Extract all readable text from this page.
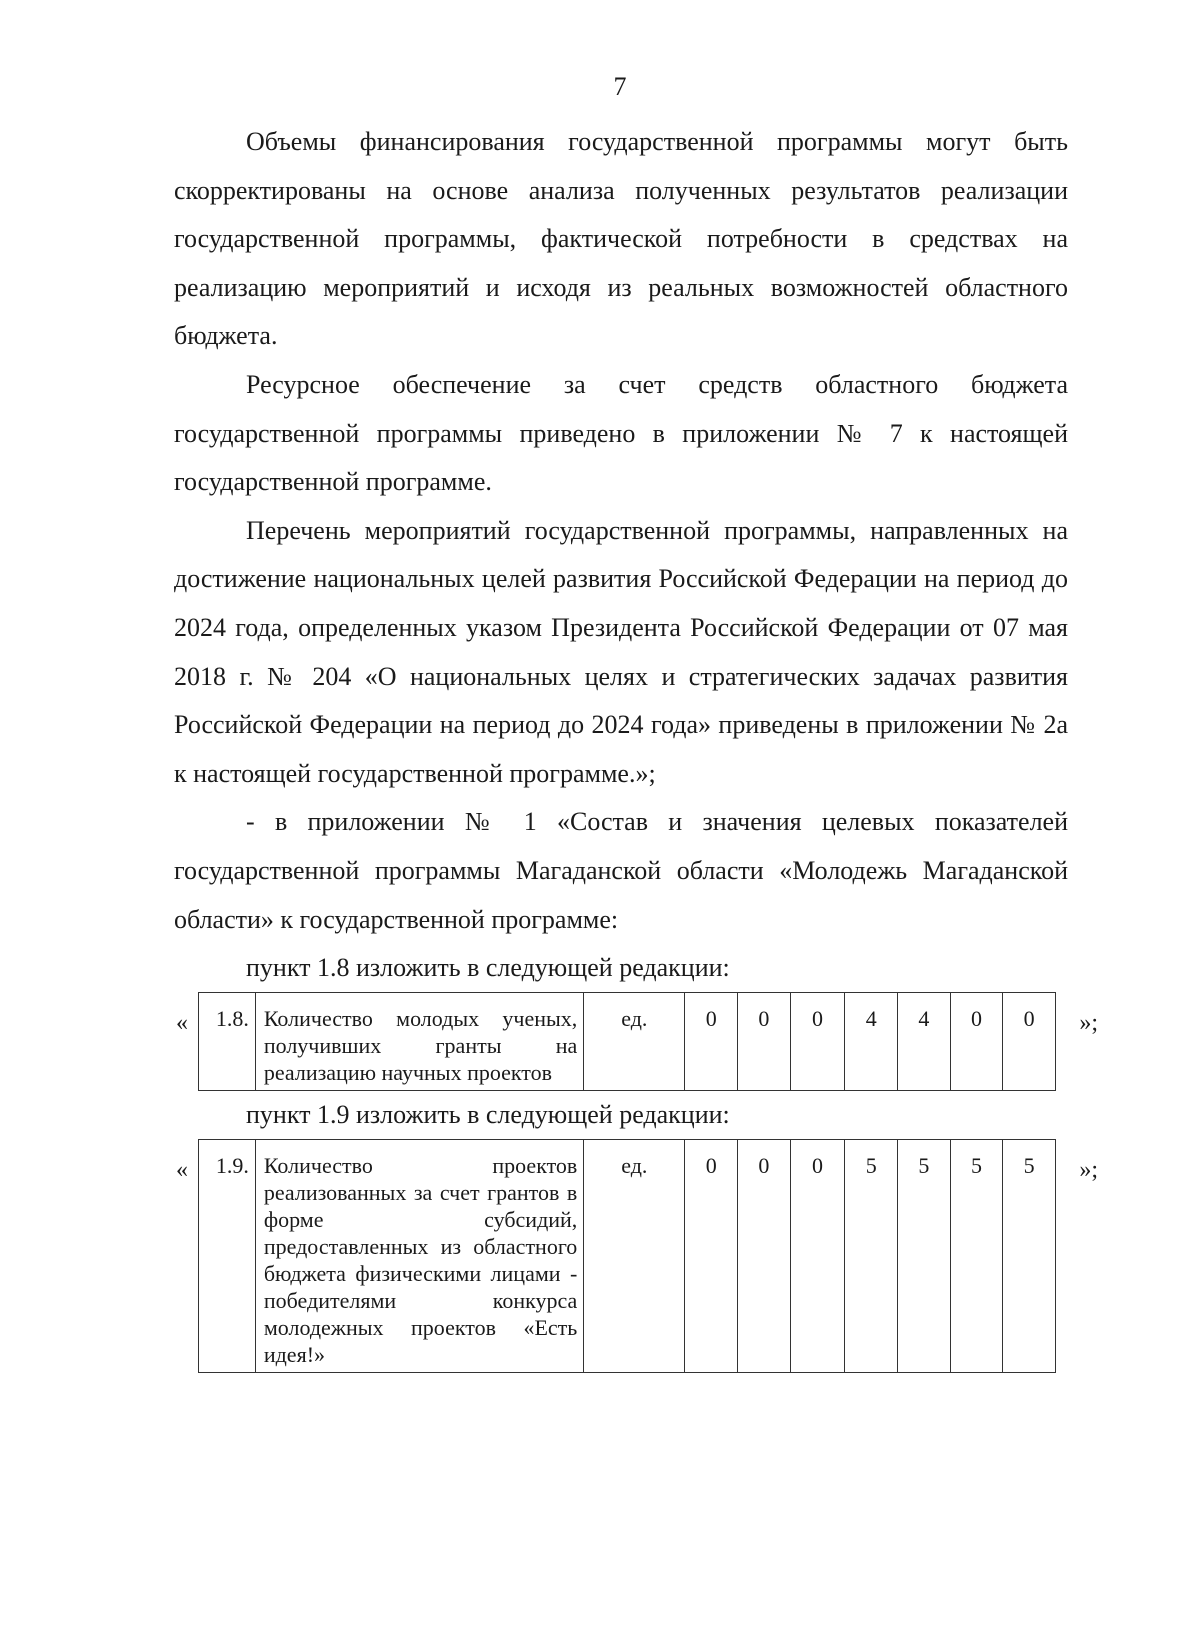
7

Объемы финансирования государственной программы могут быть скорректированы на основе анализа полученных результатов реализации государственной программы, фактической потребности в средствах на реализацию мероприятий и исходя из реальных возможностей областного бюджета.

Ресурсное обеспечение за счет средств областного бюджета государственной программы приведено в приложении № 7 к настоящей государственной программе.

Перечень мероприятий государственной программы, направленных на достижение национальных целей развития Российской Федерации на период до 2024 года, определенных указом Президента Российской Федерации от 07 мая 2018 г. № 204 «О национальных целях и стратегических задачах развития Российской Федерации на период до 2024 года» приведены в приложении № 2а к настоящей государственной программе.»;

- в приложении № 1 «Состав и значения целевых показателей государственной программы Магаданской области «Молодежь Магаданской области» к государственной программе:

пункт 1.8 изложить в следующей редакции:

« 1.8.	Количество молодых ученых, получивших гранты на реализацию научных проектов	ед.	0	0	0	4	4	0	0 »;

пункт 1.9 изложить в следующей редакции:

« 1.9.	Количество проектов реализованных за счет грантов в форме субсидий, предоставленных из областного бюджета физическими лицами - победителями конкурса молодежных проектов «Есть идея!»	ед.	0	0	0	5	5	5	5 »;
